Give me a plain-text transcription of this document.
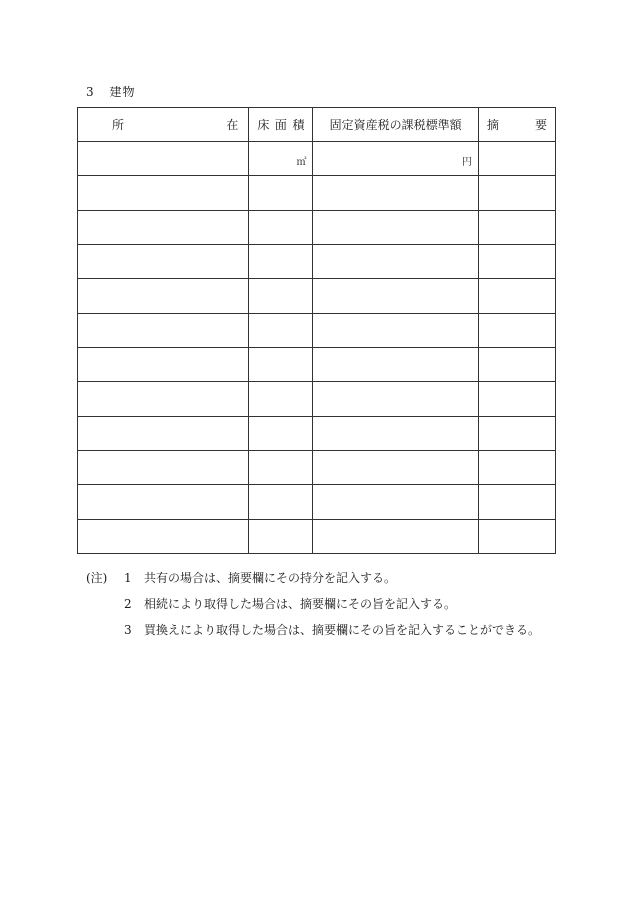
3 建物
所 在	床 面 積	固定資産税の課税標準額	摘 要

	㎡	円	

(注)	1	共有の場合は、摘要欄にその持分を記入する。
2	相続により取得した場合は、摘要欄にその旨を記入する。
3	買換えにより取得した場合は、摘要欄にその旨を記入することができる。
